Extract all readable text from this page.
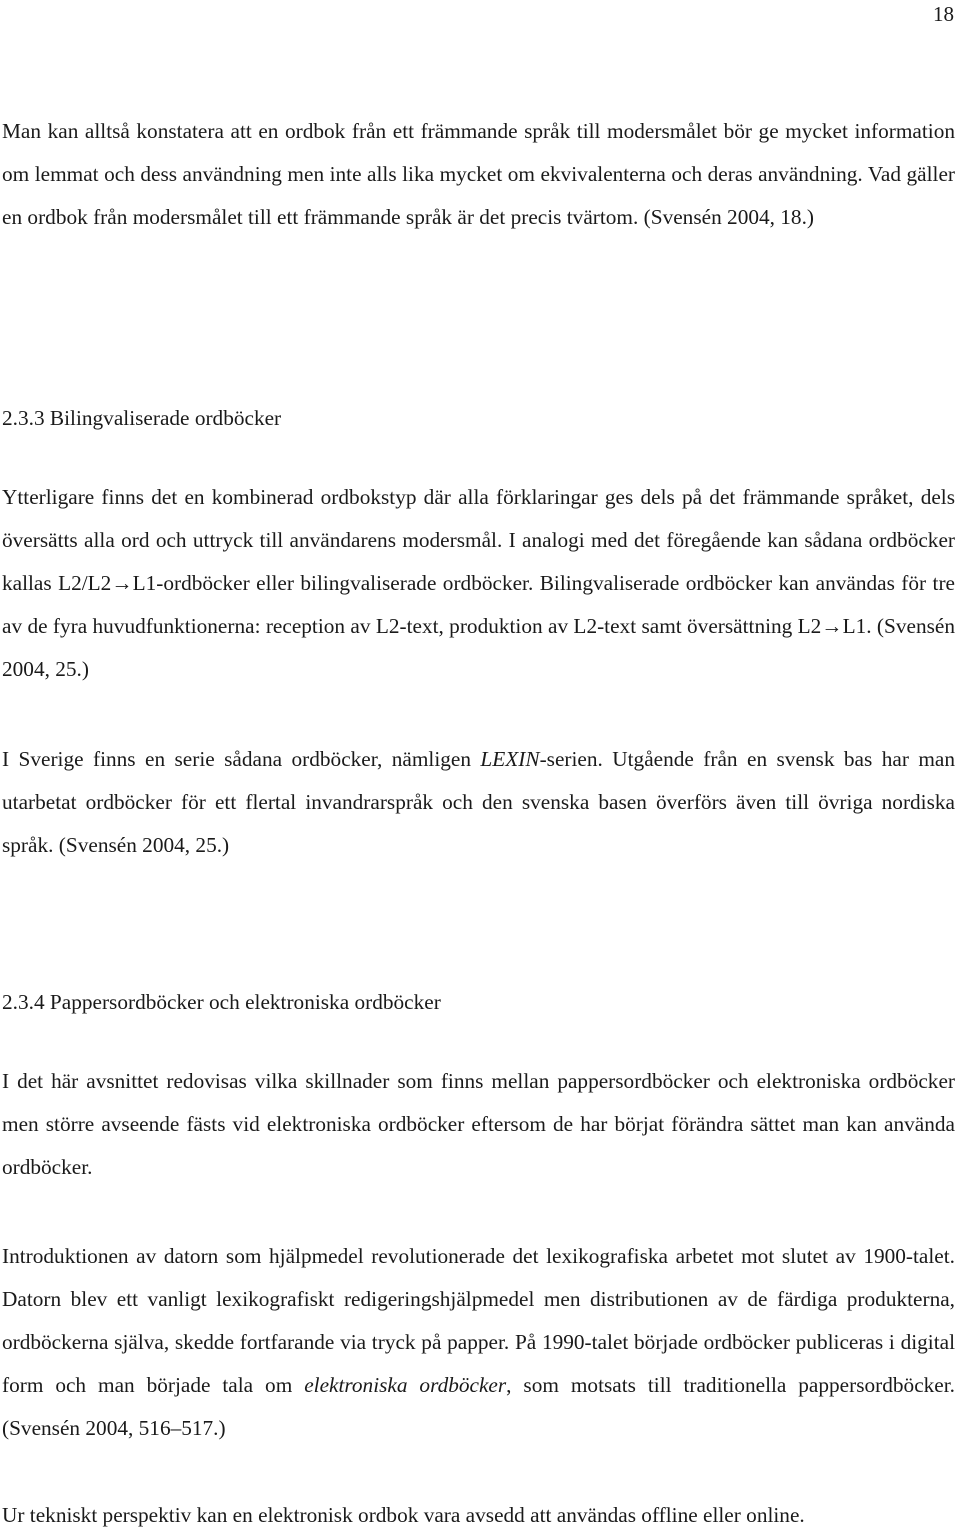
18

Man kan alltså konstatera att en ordbok från ett främmande språk till modersmålet bör ge mycket information om lemmat och dess användning men inte alls lika mycket om ekvivalenterna och deras användning. Vad gäller en ordbok från modersmålet till ett främmande språk är det precis tvärtom. (Svensén 2004, 18.)

2.3.3 Bilingvaliserade ordböcker

Ytterligare finns det en kombinerad ordbokstyp där alla förklaringar ges dels på det främmande språket, dels översätts alla ord och uttryck till användarens modersmål. I analogi med det föregående kan sådana ordböcker kallas L2/L2→L1-ordböcker eller bilingvaliserade ordböcker. Bilingvaliserade ordböcker kan användas för tre av de fyra huvudfunktionerna: reception av L2-text, produktion av L2-text samt översättning L2→L1. (Svensén 2004, 25.)

I Sverige finns en serie sådana ordböcker, nämligen LEXIN-serien. Utgående från en svensk bas har man utarbetat ordböcker för ett flertal invandrarspråk och den svenska basen överförs även till övriga nordiska språk. (Svensén 2004, 25.)

2.3.4 Pappersordböcker och elektroniska ordböcker

I det här avsnittet redovisas vilka skillnader som finns mellan pappersordböcker och elektroniska ordböcker men större avseende fästs vid elektroniska ordböcker eftersom de har börjat förändra sättet man kan använda ordböcker.

Introduktionen av datorn som hjälpmedel revolutionerade det lexikografiska arbetet mot slutet av 1900-talet. Datorn blev ett vanligt lexikografiskt redigeringshjälpmedel men distributionen av de färdiga produkterna, ordböckerna själva, skedde fortfarande via tryck på papper. På 1990-talet började ordböcker publiceras i digital form och man började tala om elektroniska ordböcker, som motsats till traditionella pappersordböcker. (Svensén 2004, 516–517.)

Ur tekniskt perspektiv kan en elektronisk ordbok vara avsedd att användas offline eller online.
